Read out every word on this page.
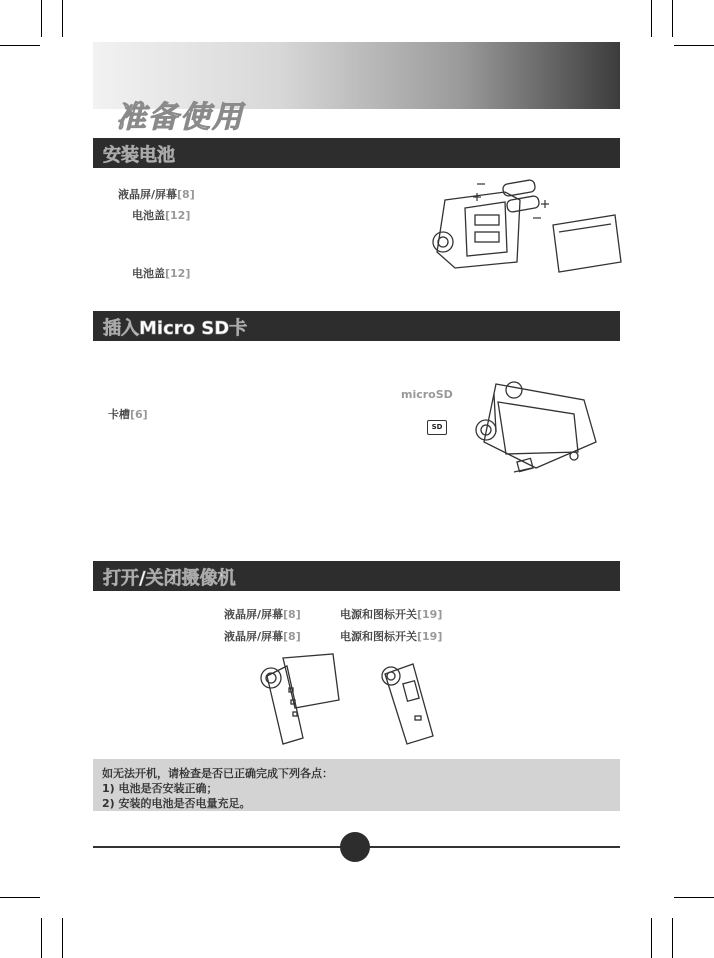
准备使用
安装电池
液晶屏/屏幕[8]
电池盖[12]
电池盖[12]
插入Micro SD卡
microSD
卡槽[6]
SD
打开/关闭摄像机
液晶屏/屏幕[8]	电源和图标开关[19]
液晶屏/屏幕[8]	电源和图标开关[19]
如无法开机，请检查是否已正确完成下列各点：
1) 电池是否安装正确；
2) 安装的电池是否电量充足。
